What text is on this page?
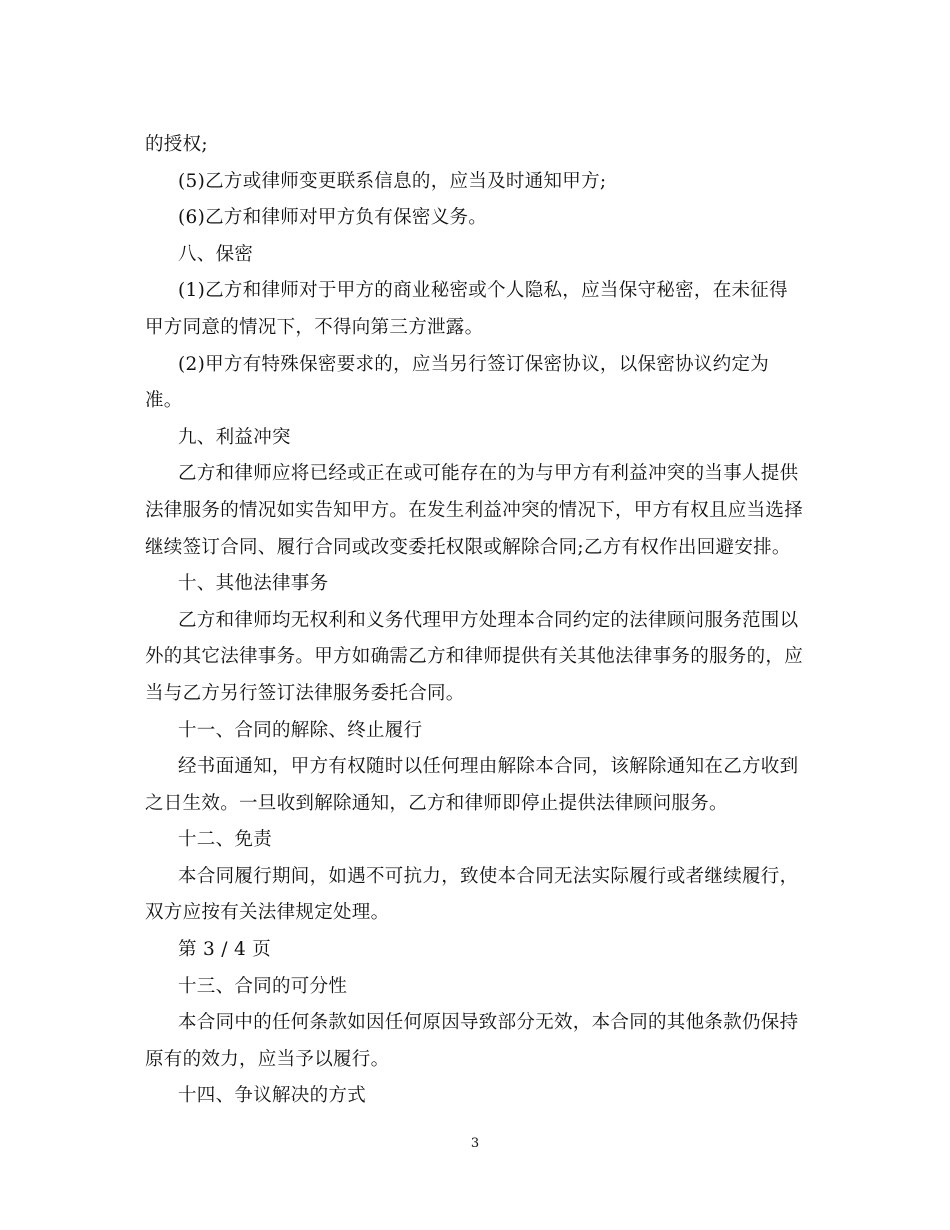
的授权;
(5)乙方或律师变更联系信息的，应当及时通知甲方;
(6)乙方和律师对甲方负有保密义务。
八、保密
(1)乙方和律师对于甲方的商业秘密或个人隐私，应当保守秘密，在未征得
甲方同意的情况下，不得向第三方泄露。
(2)甲方有特殊保密要求的，应当另行签订保密协议，以保密协议约定为
准。
九、利益冲突
乙方和律师应将已经或正在或可能存在的为与甲方有利益冲突的当事人提供
法律服务的情况如实告知甲方。在发生利益冲突的情况下，甲方有权且应当选择
继续签订合同、履行合同或改变委托权限或解除合同;乙方有权作出回避安排。
十、其他法律事务
乙方和律师均无权利和义务代理甲方处理本合同约定的法律顾问服务范围以
外的其它法律事务。甲方如确需乙方和律师提供有关其他法律事务的服务的，应
当与乙方另行签订法律服务委托合同。
十一、合同的解除、终止履行
经书面通知，甲方有权随时以任何理由解除本合同，该解除通知在乙方收到
之日生效。一旦收到解除通知，乙方和律师即停止提供法律顾问服务。
十二、免责
本合同履行期间，如遇不可抗力，致使本合同无法实际履行或者继续履行，
双方应按有关法律规定处理。
第 3 / 4 页
十三、合同的可分性
本合同中的任何条款如因任何原因导致部分无效，本合同的其他条款仍保持
原有的效力，应当予以履行。
十四、争议解决的方式
3
